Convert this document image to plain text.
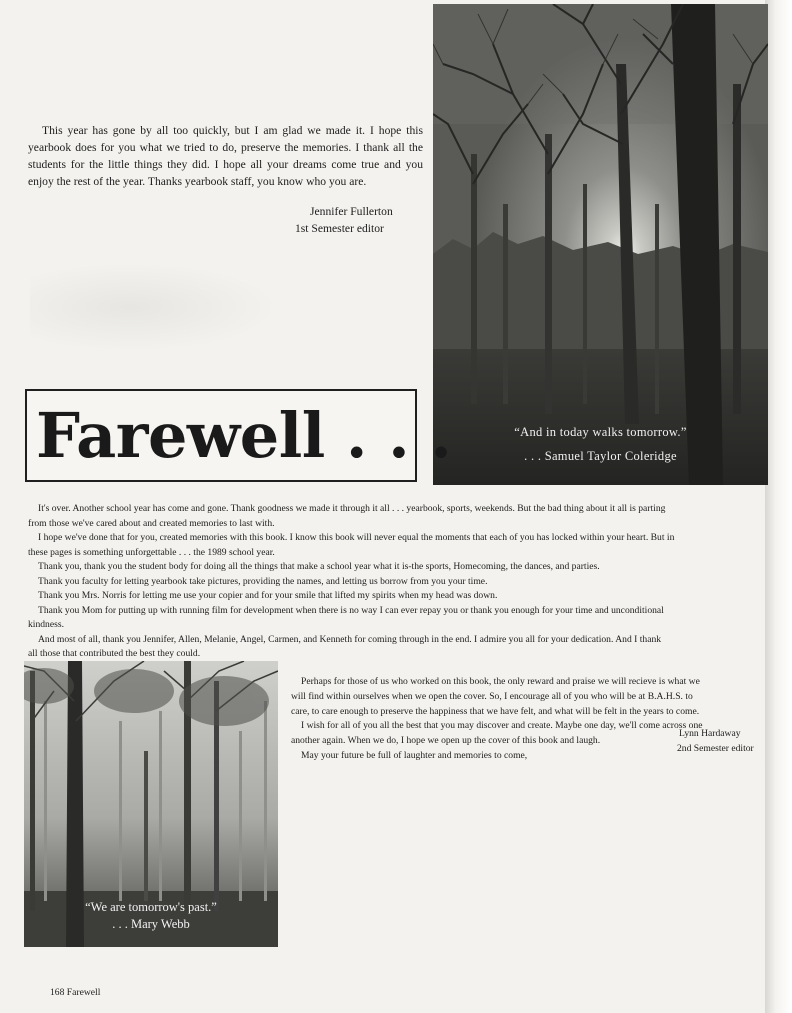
This year has gone by all too quickly, but I am glad we made it. I hope this yearbook does for you what we tried to do, preserve the memories. I thank all the students for the little things they did. I hope all your dreams come true and you enjoy the rest of the year. Thanks yearbook staff, you know who you are.

Jennifer Fullerton
1st Semester editor
“And in today walks tomorrow.”
. . . Samuel Taylor Coleridge
Farewell . . .

It's over. Another school year has come and gone. Thank goodness we made it through it all . . . yearbook, sports, weekends. But the bad thing about it all is parting

from those we've cared about and created memories to last with.

I hope we've done that for you, created memories with this book. I know this book will never equal the moments that each of you has locked within your heart. But in

these pages is something unforgettable . . . the 1989 school year.

Thank you, thank you the student body for doing all the things that make a school year what it is-the sports, Homecoming, the dances, and parties.

Thank you faculty for letting yearbook take pictures, providing the names, and letting us borrow from you your time.

Thank you Mrs. Norris for letting me use your copier and for your smile that lifted my spirits when my head was down.

Thank you Mom for putting up with running film for development when there is no way I can ever repay you or thank you enough for your time and unconditional

kindness.

And most of all, thank you Jennifer, Allen, Melanie, Angel, Carmen, and Kenneth for coming through in the end. I admire you all for your dedication. And I thank

all those that contributed the best they could.

“We are tomorrow's past.”
. . . Mary Webb

Perhaps for those of us who worked on this book, the only reward and praise we will recieve is what we

will find within ourselves when we open the cover. So, I encourage all of you who will be at B.A.H.S. to

care, to care enough to preserve the happiness that we have felt, and what will be felt in the years to come.

I wish for all of you all the best that you may discover and create. Maybe one day, we'll come across one

another again. When we do, I hope we open up the cover of this book and laugh.

May your future be full of laughter and memories to come,

Lynn Hardaway
2nd Semester editor
168 Farewell
